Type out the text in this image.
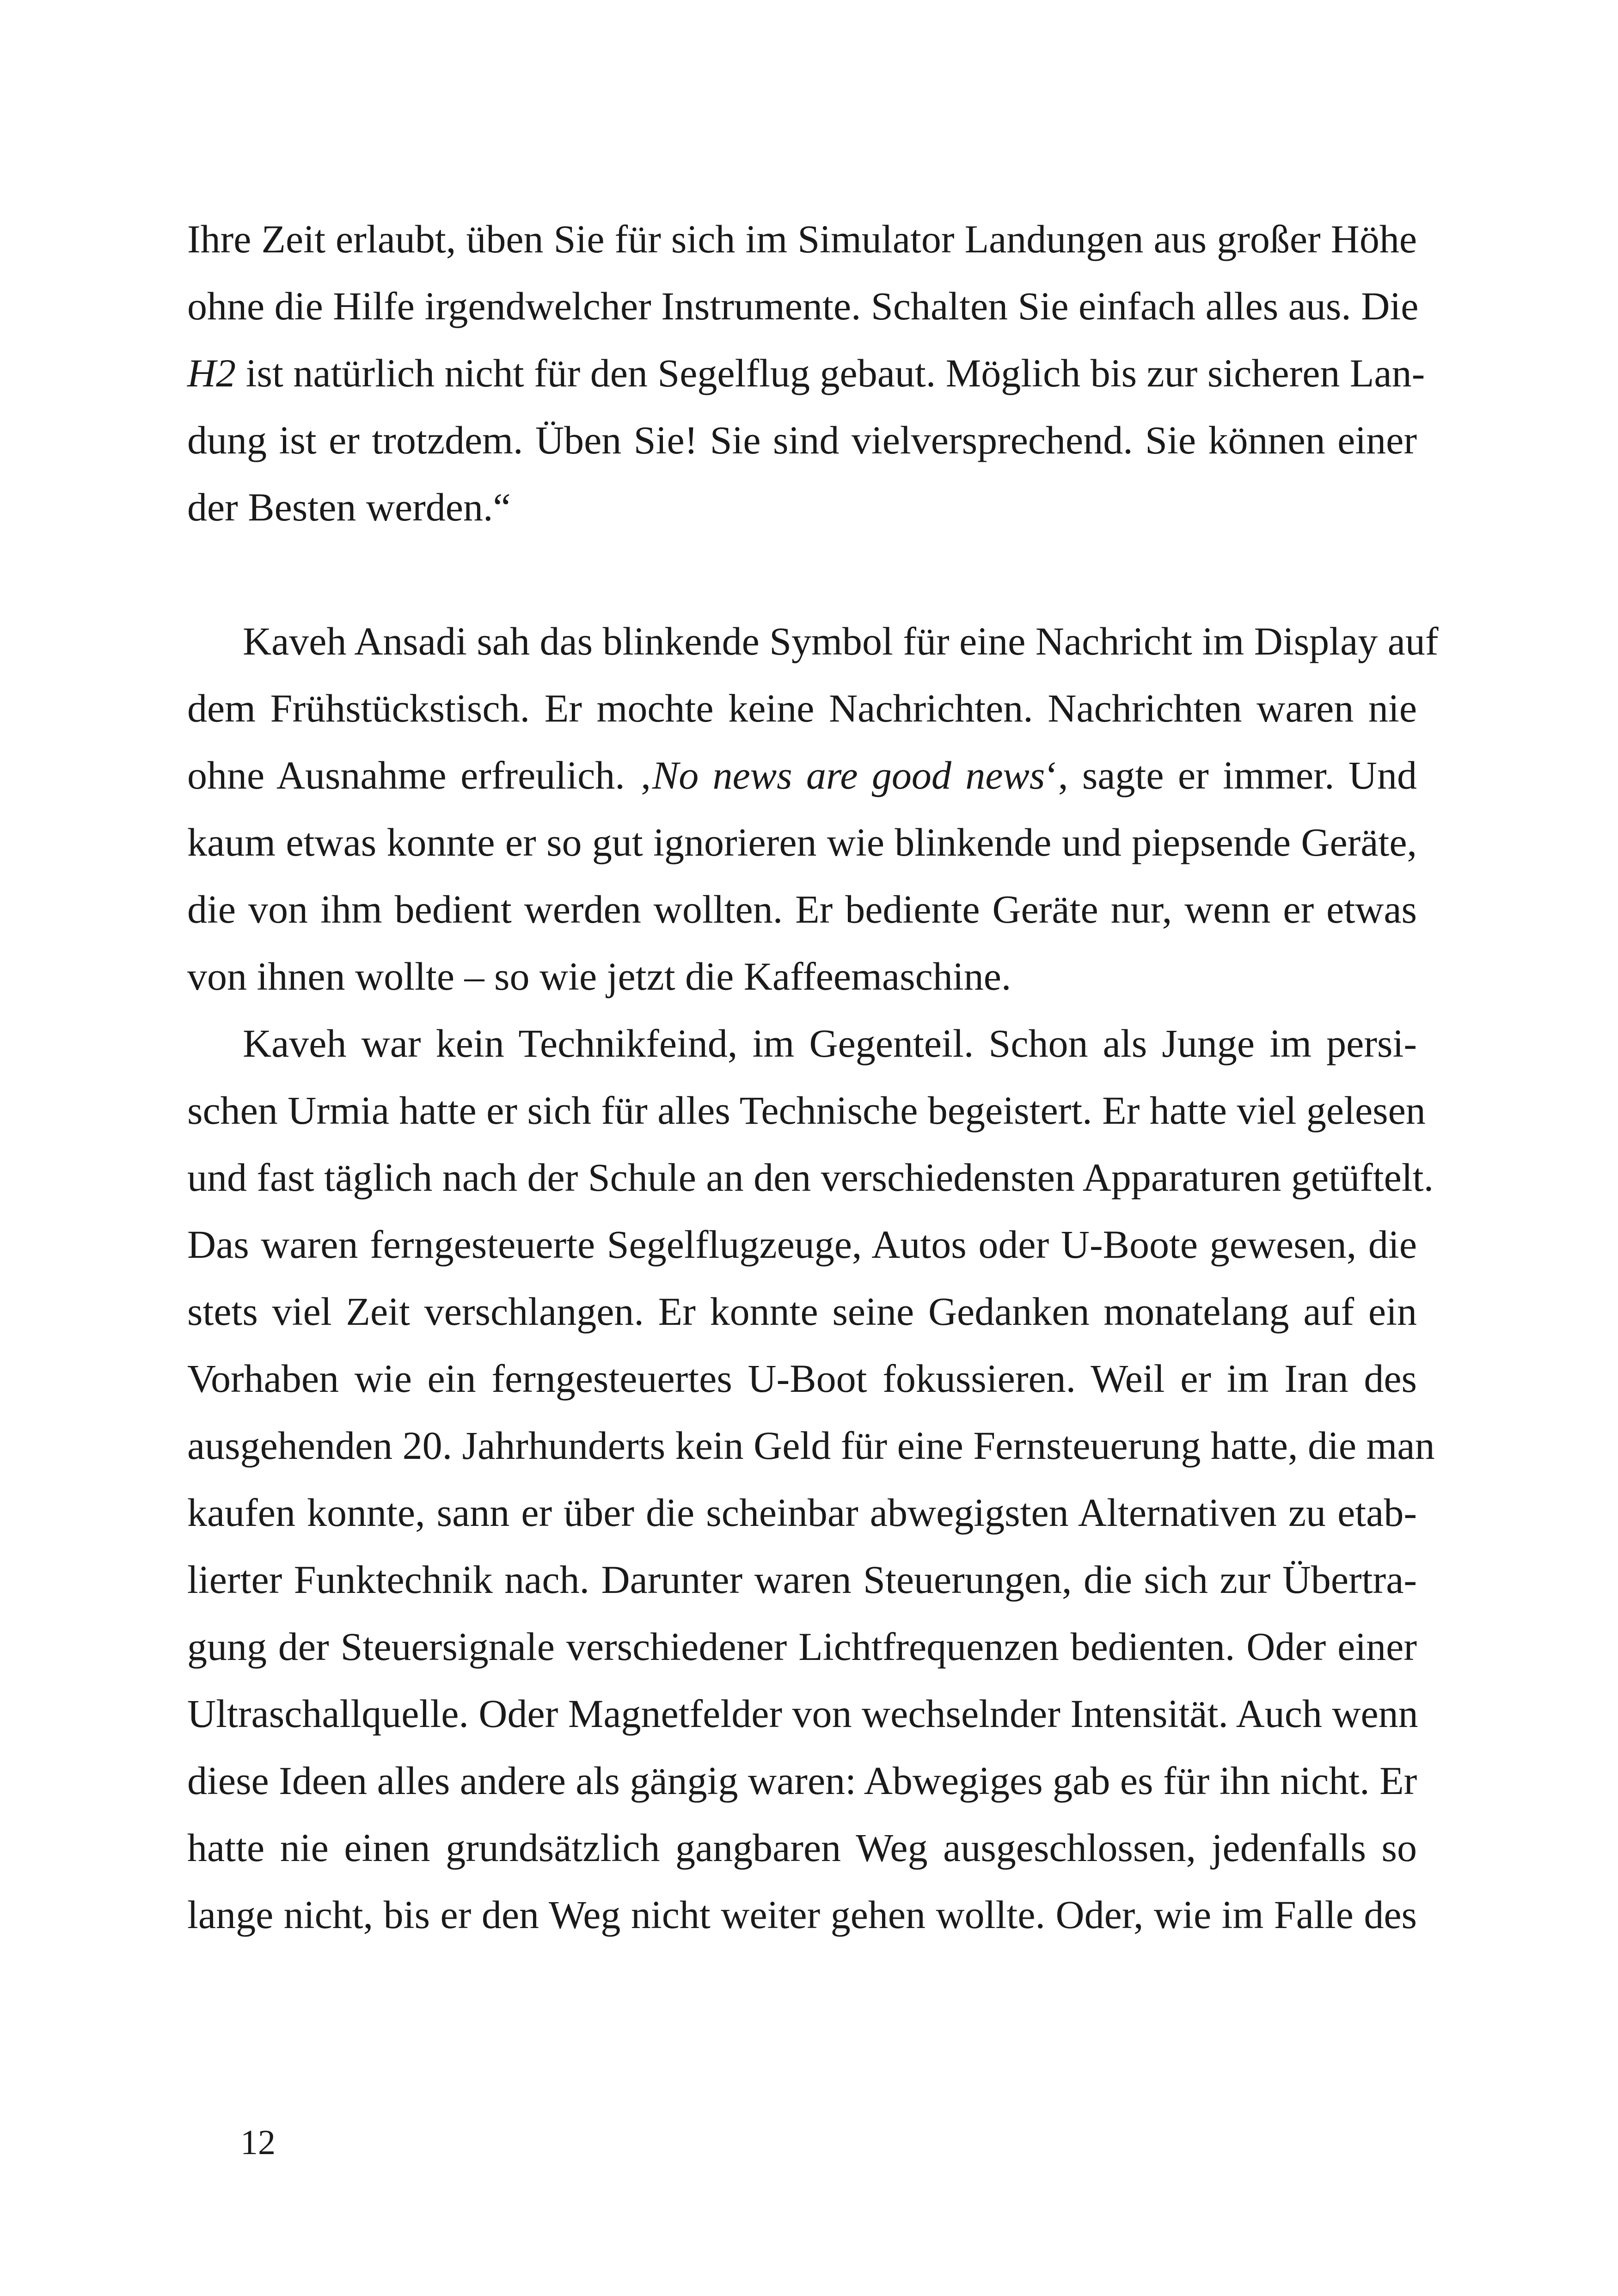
Ihre Zeit erlaubt, üben Sie für sich im Simulator Landungen aus großer Höhe
ohne die Hilfe irgendwelcher Instrumente. Schalten Sie einfach alles aus. Die
H2 ist natürlich nicht für den Segelflug gebaut. Möglich bis zur sicheren Lan-
dung ist er trotzdem. Üben Sie! Sie sind vielversprechend. Sie können einer
der Besten werden.“

Kaveh Ansadi sah das blinkende Symbol für eine Nachricht im Display auf
dem Frühstückstisch. Er mochte keine Nachrichten. Nachrichten waren nie
ohne Ausnahme erfreulich. ‚No news are good news‘, sagte er immer. Und
kaum etwas konnte er so gut ignorieren wie blinkende und piepsende Geräte,
die von ihm bedient werden wollten. Er bediente Geräte nur, wenn er etwas
von ihnen wollte – so wie jetzt die Kaffeemaschine.

Kaveh war kein Technikfeind, im Gegenteil. Schon als Junge im persi-
schen Urmia hatte er sich für alles Technische begeistert. Er hatte viel gelesen
und fast täglich nach der Schule an den verschiedensten Apparaturen getüftelt.
Das waren ferngesteuerte Segelflugzeuge, Autos oder U-Boote gewesen, die
stets viel Zeit verschlangen. Er konnte seine Gedanken monatelang auf ein
Vorhaben wie ein ferngesteuertes U-Boot fokussieren. Weil er im Iran des
ausgehenden 20. Jahrhunderts kein Geld für eine Fernsteuerung hatte, die man
kaufen konnte, sann er über die scheinbar abwegigsten Alternativen zu etab-
lierter Funktechnik nach. Darunter waren Steuerungen, die sich zur Übertra-
gung der Steuersignale verschiedener Lichtfrequenzen bedienten. Oder einer
Ultraschallquelle. Oder Magnetfelder von wechselnder Intensität. Auch wenn
diese Ideen alles andere als gängig waren: Abwegiges gab es für ihn nicht. Er
hatte nie einen grundsätzlich gangbaren Weg ausgeschlossen, jedenfalls so
lange nicht, bis er den Weg nicht weiter gehen wollte. Oder, wie im Falle des

12
